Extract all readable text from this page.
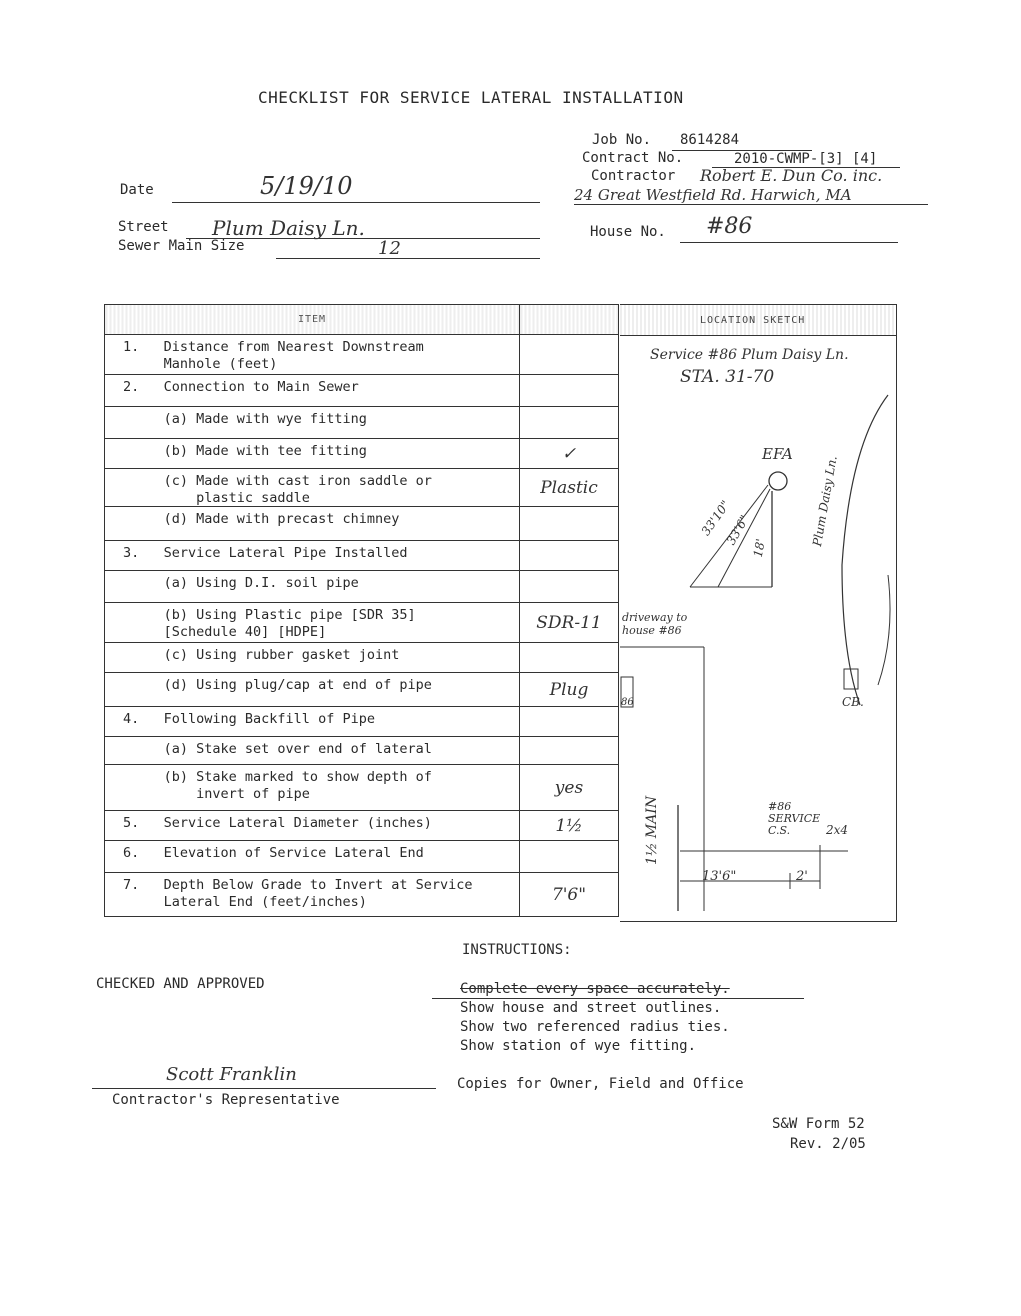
CHECKLIST FOR SERVICE LATERAL INSTALLATION
Job No. 8614284
Contract No.	2010-CWMP-[3] [4]
Contractor Robert E. Dun Co. inc.
24 Great Westfield Rd. Harwich, MA
House No. #86
Date	5/19/10
Street Plum Daisy Ln.
Sewer Main Size	12
ITEM	

1.   Distance from Nearest Downstream
Manhole (feet)	

2.   Connection to Main Sewer	

(a) Made with wye fitting	

(b) Made with tee fitting	✓

(c) Made with cast iron saddle or
plastic saddle	Plastic

(d) Made with precast chimney	

3.   Service Lateral Pipe Installed	

(a) Using D.I. soil pipe	

(b) Using Plastic pipe [SDR 35]
[Schedule 40] [HDPE]	SDR-11

(c) Using rubber gasket joint	

(d) Using plug/cap at end of pipe	Plug

4.   Following Backfill of Pipe	

(a) Stake set over end of lateral	

(b) Stake marked to show depth of
invert of pipe	yes

5.   Service Lateral Diameter (inches)	1½

6.   Elevation of Service Lateral End	

7.   Depth Below Grade to Invert at Service
Lateral End (feet/inches)	7'6"
LOCATION SKETCH
Service #86 Plum Daisy Ln.
STA. 31-70
EFA
33'10"
33'6"
18'
Plum Daisy Ln.
driveway to house #86
86	CB.
1½ MAIN	#86 SERVICE C.S.	2x4
13'6"	2'
INSTRUCTIONS:
Complete every space accurately.
Show house and street outlines.
Show two referenced radius ties.
Show station of wye fitting.
Copies for Owner, Field and Office
CHECKED AND APPROVED
Scott Franklin
Contractor's Representative
S&W Form 52
Rev. 2/05
